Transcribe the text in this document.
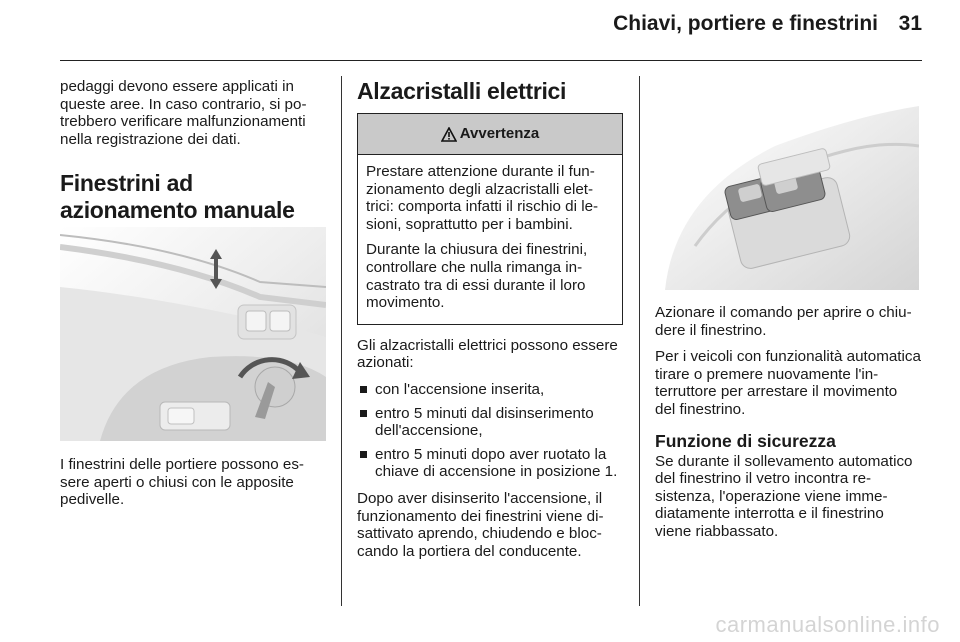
Chiavi, portiere e finestrini 31

pedaggi devono essere applicati in queste aree. In caso contrario, si potrebbero verificare malfunzionamenti nella registrazione dei dati.

Finestrini ad azionamento manuale

I finestrini delle portiere possono essere aperti o chiusi con le apposite pedivelle.

Alzacristalli elettrici
Avvertenza

Prestare attenzione durante il funzionamento degli alzacristalli elettrici: comporta infatti il rischio di lesioni, soprattutto per i bambini.

Durante la chiusura dei finestrini, controllare che nulla rimanga incastrato tra di essi durante il loro movimento.

Gli alzacristalli elettrici possono essere azionati:

con l'accensione inserita,
entro 5 minuti dal disinserimento dell'accensione,
entro 5 minuti dopo aver ruotato la chiave di accensione in posizione 1.

Dopo aver disinserito l'accensione, il funzionamento dei finestrini viene disattivato aprendo, chiudendo e bloccando la portiera del conducente.

Azionare il comando per aprire o chiudere il finestrino.

Per i veicoli con funzionalità automatica tirare o premere nuovamente l'interruttore per arrestare il movimento del finestrino.

Funzione di sicurezza

Se durante il sollevamento automatico del finestrino il vetro incontra resistenza, l'operazione viene immediatamente interrotta e il finestrino viene riabbassato.

carmanualsonline.info
